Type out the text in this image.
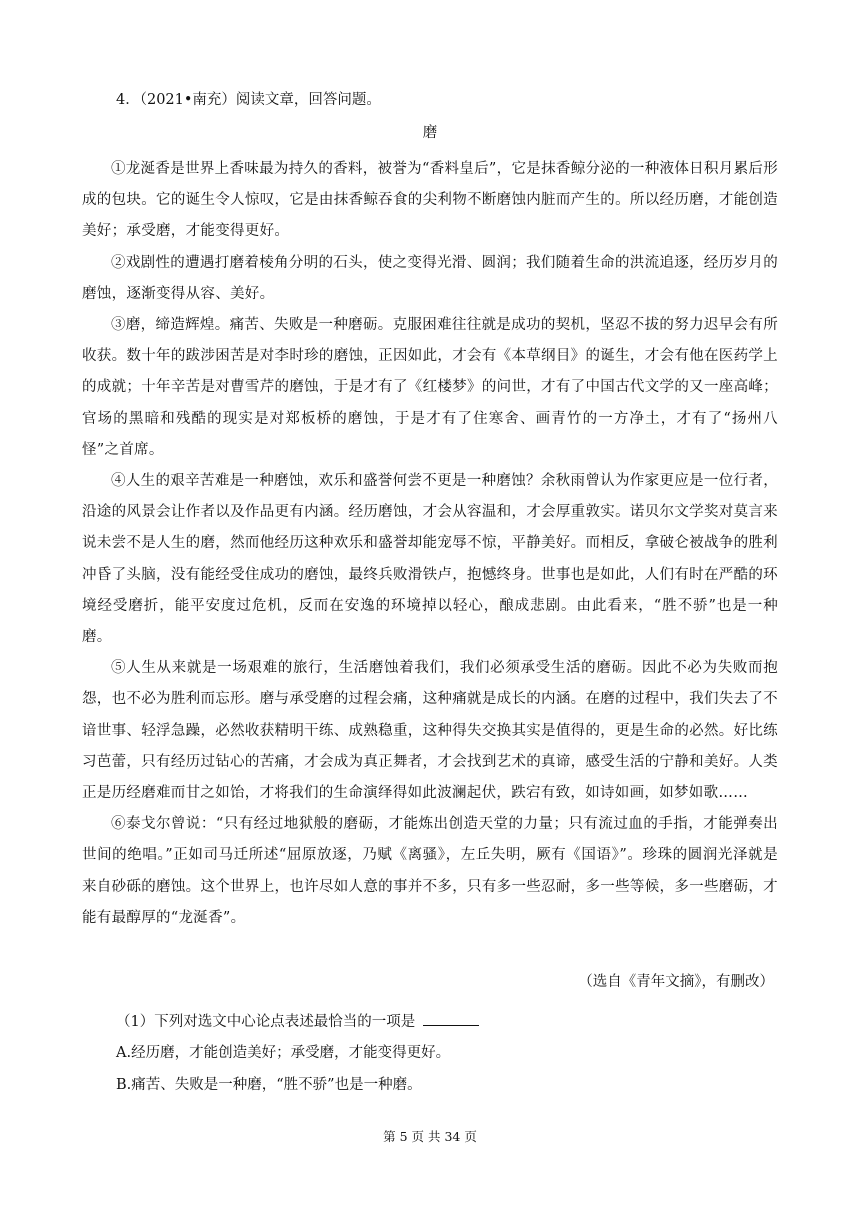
4．（2021•南充）阅读文章，回答问题。
磨

①龙涎香是世界上香味最为持久的香料，被誉为“香料皇后”，它是抹香鲸分泌的一种液体日积月累后形成的包块。它的诞生令人惊叹，它是由抹香鲸吞食的尖利物不断磨蚀内脏而产生的。所以经历磨，才能创造美好；承受磨，才能变得更好。

②戏剧性的遭遇打磨着棱角分明的石头，使之变得光滑、圆润；我们随着生命的洪流追逐，经历岁月的磨蚀，逐渐变得从容、美好。

③磨，缔造辉煌。痛苦、失败是一种磨砺。克服困难往往就是成功的契机，坚忍不拔的努力迟早会有所收获。数十年的跋涉困苦是对李时珍的磨蚀，正因如此，才会有《本草纲目》的诞生，才会有他在医药学上的成就；十年辛苦是对曹雪芹的磨蚀，于是才有了《红楼梦》的问世，才有了中国古代文学的又一座高峰；官场的黑暗和残酷的现实是对郑板桥的磨蚀，于是才有了住寒舍、画青竹的一方净土，才有了“扬州八怪”之首席。

④人生的艰辛苦难是一种磨蚀，欢乐和盛誉何尝不更是一种磨蚀？余秋雨曾认为作家更应是一位行者，沿途的风景会让作者以及作品更有内涵。经历磨蚀，才会从容温和，才会厚重敦实。诺贝尔文学奖对莫言来说未尝不是人生的磨，然而他经历这种欢乐和盛誉却能宠辱不惊，平静美好。而相反，拿破仑被战争的胜利冲昏了头脑，没有能经受住成功的磨蚀，最终兵败滑铁卢，抱憾终身。世事也是如此，人们有时在严酷的环境经受磨折，能平安度过危机，反而在安逸的环境掉以轻心，酿成悲剧。由此看来，“胜不骄”也是一种磨。

⑤人生从来就是一场艰难的旅行，生活磨蚀着我们，我们必须承受生活的磨砺。因此不必为失败而抱怨，也不必为胜利而忘形。磨与承受磨的过程会痛，这种痛就是成长的内涵。在磨的过程中，我们失去了不谙世事、轻浮急躁，必然收获精明干练、成熟稳重，这种得失交换其实是值得的，更是生命的必然。好比练习芭蕾，只有经历过钻心的苦痛，才会成为真正舞者，才会找到艺术的真谛，感受生活的宁静和美好。人类正是历经磨难而甘之如饴，才将我们的生命演绎得如此波澜起伏，跌宕有致，如诗如画，如梦如歌……

⑥泰戈尔曾说：“只有经过地狱般的磨砺，才能炼出创造天堂的力量；只有流过血的手指，才能弹奏出世间的绝唱。”正如司马迁所述“屈原放逐，乃赋《离骚》，左丘失明，厥有《国语》”。珍珠的圆润光泽就是来自砂砾的磨蚀。这个世界上，也许尽如人意的事并不多，只有多一些忍耐，多一些等候，多一些磨砺，才能有最醇厚的“龙涎香”。

（选自《青年文摘》，有删改）
（1）下列对选文中心论点表述最恰当的一项是
A.经历磨，才能创造美好；承受磨，才能变得更好。
B.痛苦、失败是一种磨，“胜不骄”也是一种磨。
第 5 页 共 34 页
